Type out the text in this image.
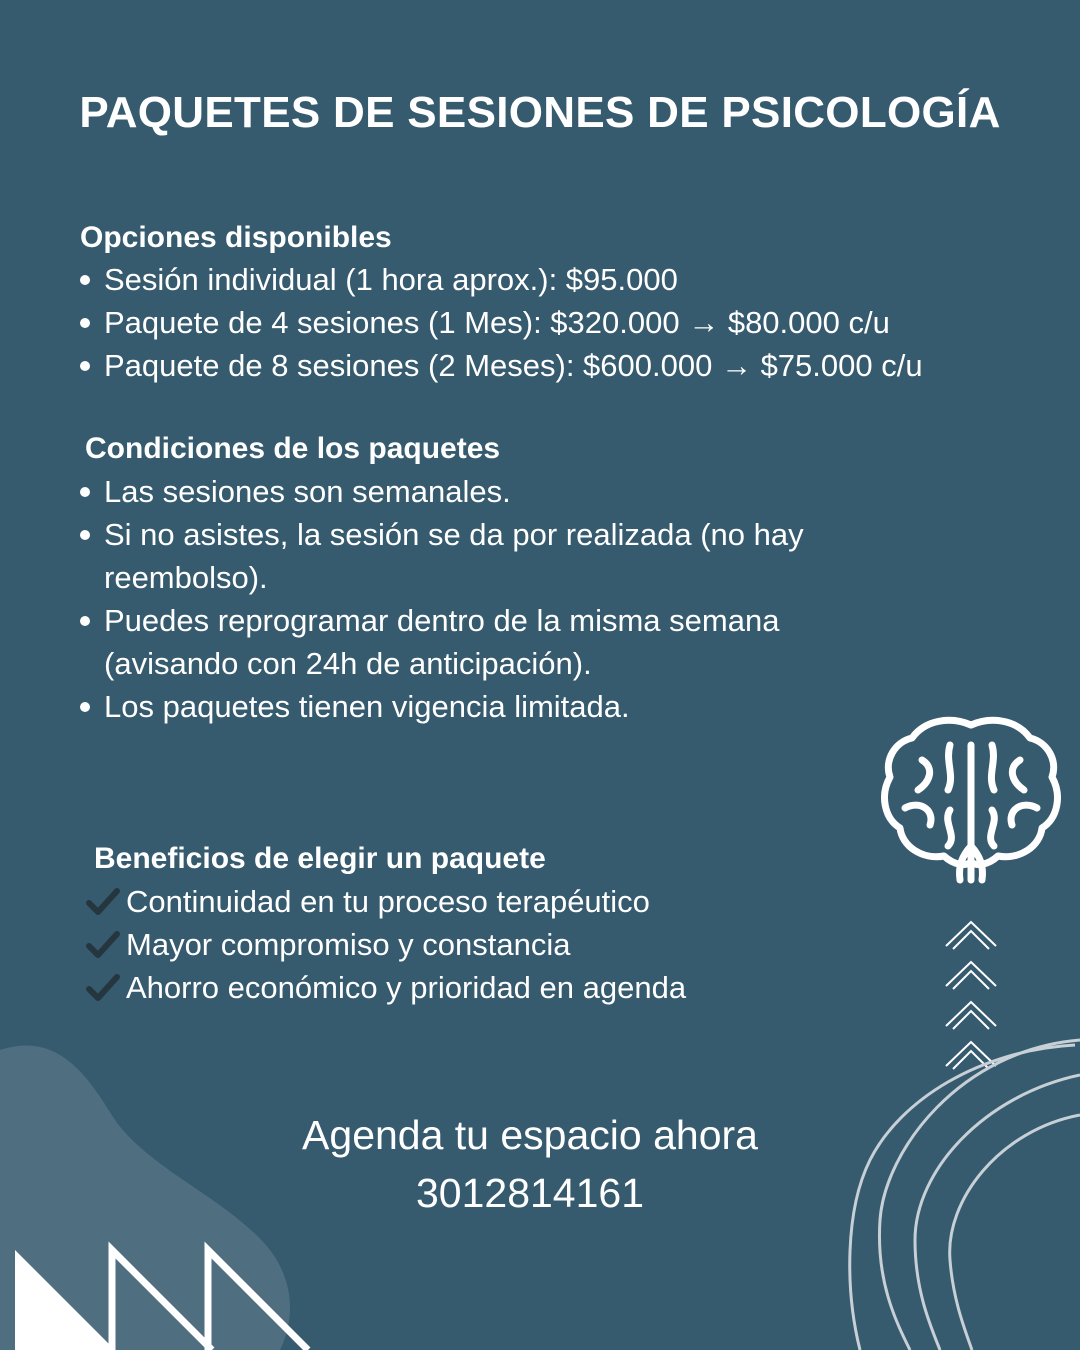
PAQUETES DE SESIONES DE PSICOLOGÍA
Opciones disponibles
Sesión individual (1 hora aprox.): $95.000
Paquete de 4 sesiones (1 Mes): $320.000 → $80.000 c/u
Paquete de 8 sesiones (2 Meses): $600.000 → $75.000 c/u
Condiciones de los paquetes
Las sesiones son semanales.
Si no asistes, la sesión se da por realizada (no hay reembolso).
Puedes reprogramar dentro de la misma semana (avisando con 24h de anticipación).
Los paquetes tienen vigencia limitada.
Beneficios de elegir un paquete
Continuidad en tu proceso terapéutico
Mayor compromiso y constancia
Ahorro económico y prioridad en agenda
Agenda tu espacio ahora
3012814161
